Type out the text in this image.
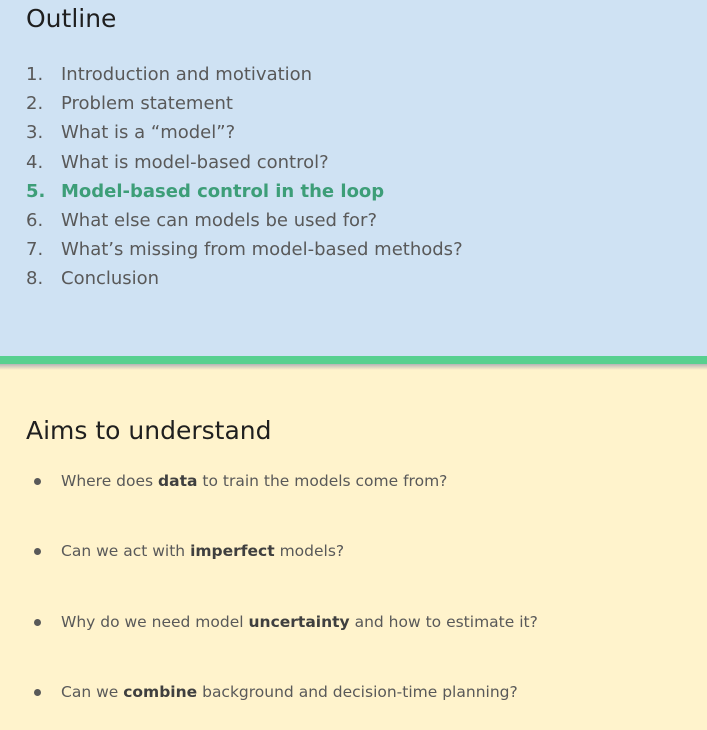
Outline
1. Introduction and motivation
2. Problem statement
3. What is a “model”?
4. What is model-based control?
5. Model-based control in the loop
6. What else can models be used for?
7. What’s missing from model-based methods?
8. Conclusion
Aims to understand
Where does data to train the models come from?
Can we act with imperfect models?
Why do we need model uncertainty and how to estimate it?
Can we combine background and decision-time planning?
